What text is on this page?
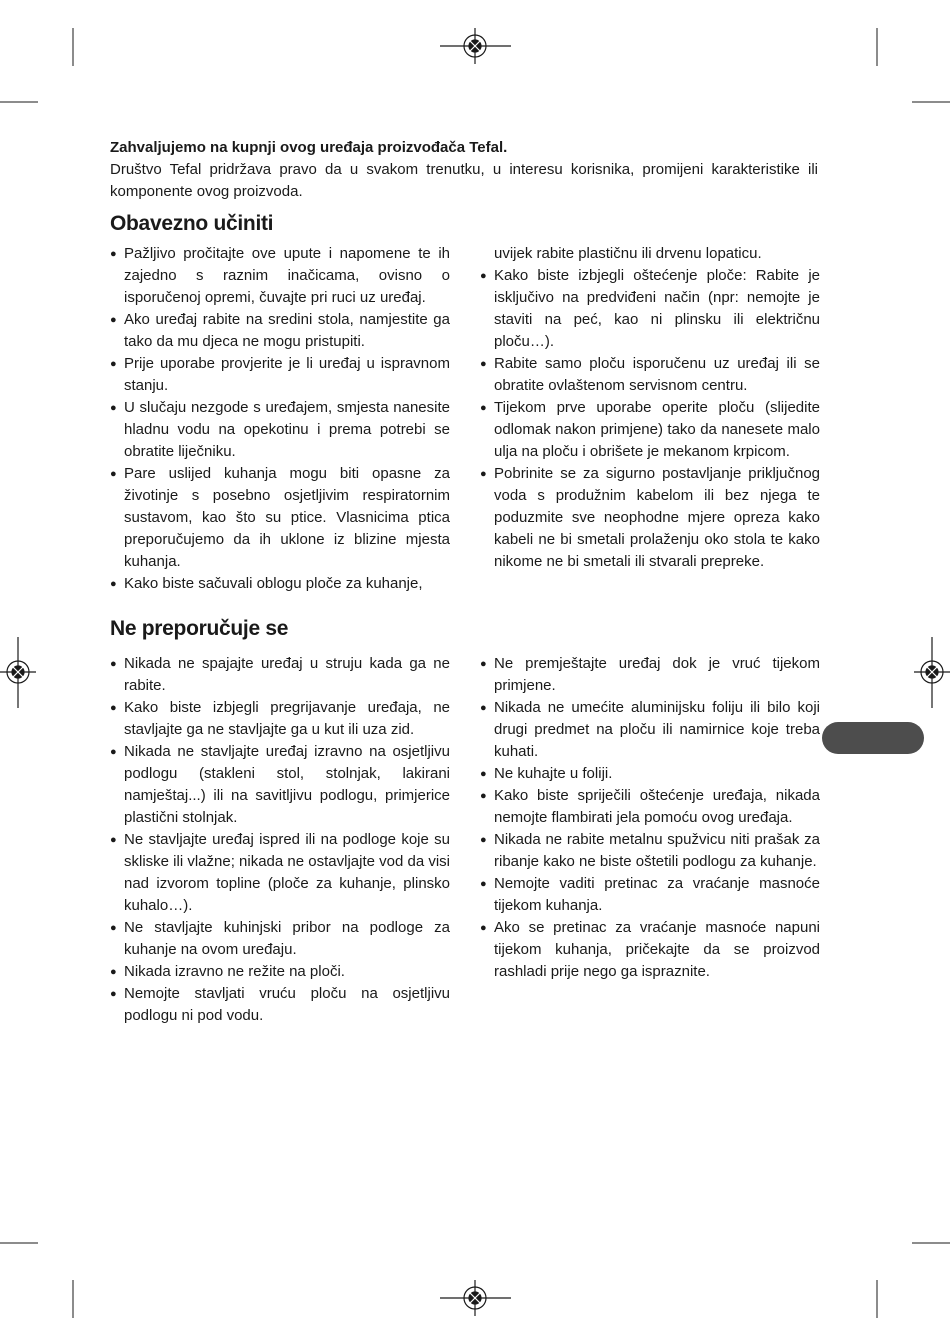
Zahvaljujemo na kupnji ovog uređaja proizvođača Tefal.
Društvo Tefal pridržava pravo da u svakom trenutku, u interesu korisnika, promijeni karakteristike ili komponente ovog proizvoda.
Obavezno učiniti
● Pažljivo pročitajte ove upute i napomene te ih zajedno s raznim inačicama, ovisno o isporučenoj opremi, čuvajte pri ruci uz uređaj.
● Ako uređaj rabite na sredini stola, namjestite ga tako da mu djeca ne mogu pristupiti.
● Prije uporabe provjerite je li uređaj u ispravnom stanju.
● U slučaju nezgode s uređajem, smjesta nanesite hladnu vodu na opekotinu i prema potrebi se obratite liječniku.
● Pare uslijed kuhanja mogu biti opasne za životinje s posebno osjetljivim respiratornim sustavom, kao što su ptice. Vlasnicima ptica preporučujemo da ih uklone iz blizine mjesta kuhanja.
● Kako biste sačuvali oblogu ploče za kuhanje,
uvijek rabite plastičnu ili drvenu lopaticu.
● Kako biste izbjegli oštećenje ploče: Rabite je isključivo na predviđeni način (npr: nemojte je staviti na peć, kao ni plinsku ili električnu ploču…).
● Rabite samo ploču isporučenu uz uređaj ili se obratite ovlaštenom servisnom centru.
● Tijekom prve uporabe operite ploču (slijedite odlomak nakon primjene) tako da nanesete malo ulja na ploču i obrišete je mekanom krpicom.
● Pobrinite se za sigurno postavljanje priključnog voda s produžnim kabelom ili bez njega te poduzmite sve neophodne mjere opreza kako kabeli ne bi smetali prolaženju oko stola te kako nikome ne bi smetali ili stvarali prepreke.
Ne preporučuje se
● Nikada ne spajajte uređaj u struju kada ga ne rabite.
● Kako biste izbjegli pregrijavanje uređaja, ne stavljajte ga ne stavljajte ga u kut ili uza zid.
● Nikada ne stavljajte uređaj izravno na osjetljivu podlogu (stakleni stol, stolnjak, lakirani namještaj...) ili na savitljivu podlogu, primjerice plastični stolnjak.
● Ne stavljajte uređaj ispred ili na podloge koje su skliske ili vlažne; nikada ne ostavljajte vod da visi nad izvorom topline (ploče za kuhanje, plinsko kuhalo…).
● Ne stavljajte kuhinjski pribor na podloge za kuhanje na ovom uređaju.
● Nikada izravno ne režite na ploči.
● Nemojte stavljati vruću ploču na osjetljivu podlogu ni pod vodu.
● Ne premještajte uređaj dok je vruć tijekom primjene.
● Nikada ne umećite aluminijsku foliju ili bilo koji drugi predmet na ploču ili namirnice koje treba kuhati.
● Ne kuhajte u foliji.
● Kako biste spriječili oštećenje uređaja, nikada nemojte flambirati jela pomoću ovog uređaja.
● Nikada ne rabite metalnu spužvicu niti prašak za ribanje kako ne biste oštetili podlogu za kuhanje.
● Nemojte vaditi pretinac za vraćanje masnoće tijekom kuhanja.
● Ako se pretinac za vraćanje masnoće napuni tijekom kuhanja, pričekajte da se proizvod rashladi prije nego ga ispraznite.
